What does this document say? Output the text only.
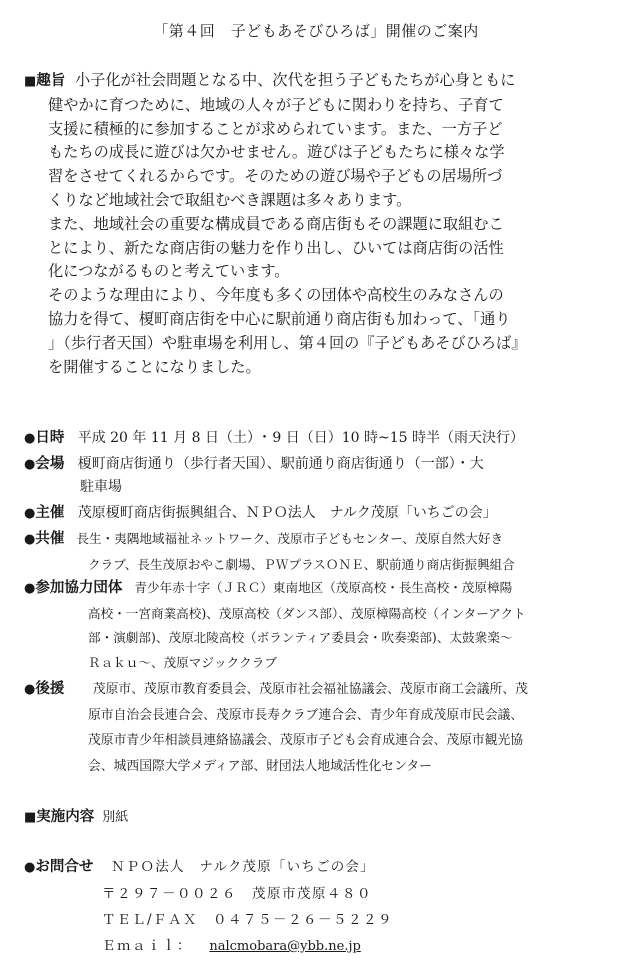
「第４回　子どもあそびひろば」開催のご案内

■趣旨 小子化が社会問題となる中、次代を担う子どもたちが心身ともに

健やかに育つために、地域の人々が子どもに関わりを持ち、子育て

支援に積極的に参加することが求められています。また、一方子ど

もたちの成長に遊びは欠かせません。遊びは子どもたちに様々な学

習をさせてくれるからです。そのための遊び場や子どもの居場所づ

くりなど地域社会で取組むべき課題は多々あります。

また、地域社会の重要な構成員である商店街もその課題に取組むこ

とにより、新たな商店街の魅力を作り出し、ひいては商店街の活性

化につながるものと考えています。

そのような理由により、今年度も多くの団体や高校生のみなさんの

協力を得て、榎町商店街を中心に駅前通り商店街も加わって、「通り

」（歩行者天国）や駐車場を利用し、第４回の『子どもあそびひろば』

を開催することになりました。

●日時 平成 20 年 11 月 8 日（土）･ 9 日（日）10 時~15 時半（雨天決行）
●会場 榎町商店街通り（歩行者天国）、駅前通り商店街通り（一部）・大
駐車場
●主催 茂原榎町商店街振興組合、ＮＰＯ法人　ナルク茂原「いちごの会」
●共催 長生・夷隅地域福祉ネットワーク、茂原市子どもセンター、茂原自然大好き
クラブ、長生茂原おやこ劇場、ＰＷプラスＯＮＥ、駅前通り商店街振興組合
●参加協力団体 青少年赤十字（ＪＲＣ）東南地区（茂原高校・長生高校・茂原樟陽
高校・一宮商業高校)、茂原高校（ダンス部）、茂原樟陽高校（インターアクト
部・演劇部)、茂原北陵高校（ボランティア委員会・吹奏楽部)、太鼓衆楽～
Ｒａｋｕ～、茂原マジッククラブ
●後援 茂原市、茂原市教育委員会、茂原市社会福祉協議会、茂原市商工会議所、茂
原市自治会長連合会、茂原市長寿クラブ連合会、青少年育成茂原市民会議、
茂原市青少年相談員連絡協議会、茂原市子ども会育成連合会、茂原市観光協
会、城西国際大学メディア部、財団法人地域活性化センター
■実施内容 別紙
●お問合せ ＮＰＯ法人　ナルク茂原「いちごの会」
〒２９７－００２６　茂原市茂原４８０
ＴＥＬ/ＦＡＸ　０４７５－２６－５２２９
Ｅｍａｉｌ： nalcmobara@ybb.ne.jp
